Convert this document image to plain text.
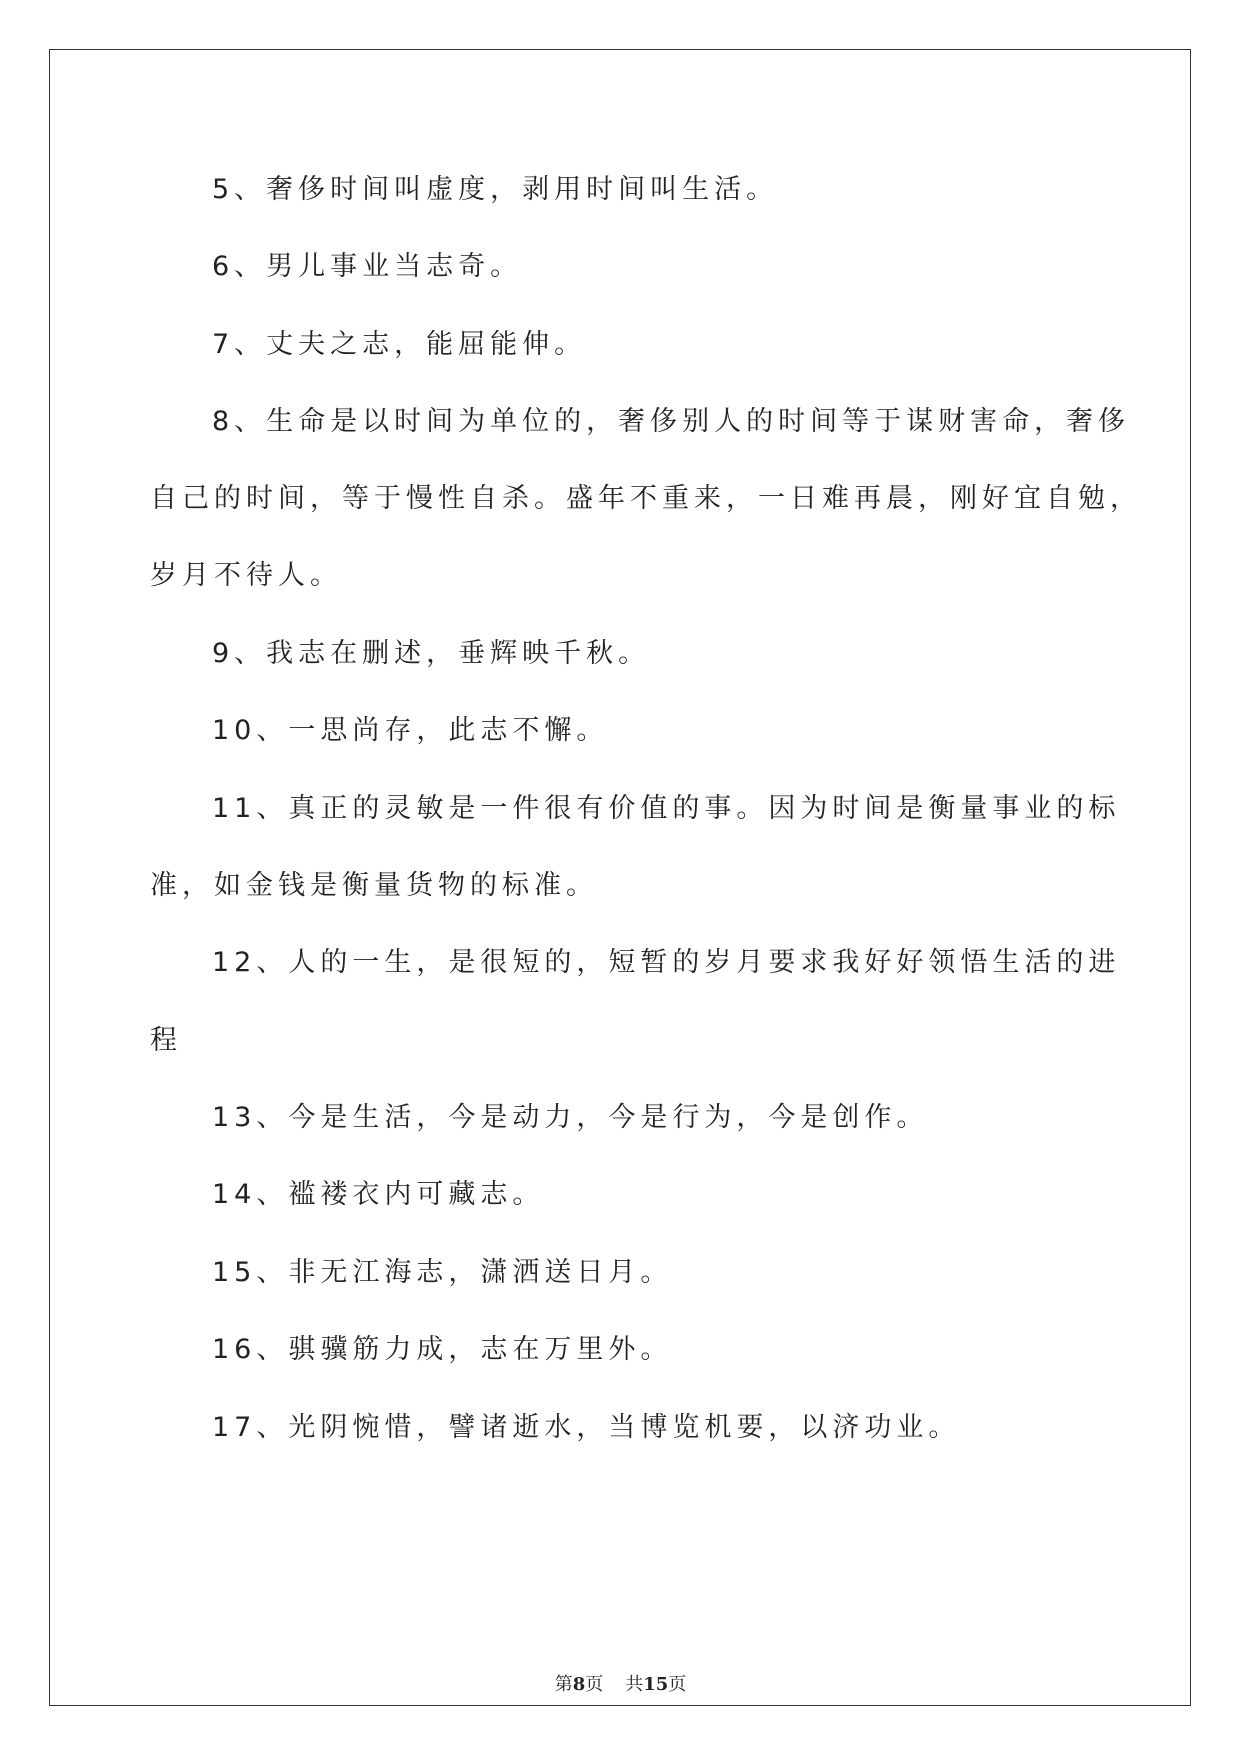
5、奢侈时间叫虚度，剥用时间叫生活。
6、男儿事业当志奇。
7、丈夫之志，能屈能伸。
8、生命是以时间为单位的，奢侈别人的时间等于谋财害命，奢侈
自己的时间，等于慢性自杀。盛年不重来，一日难再晨，刚好宜自勉，
岁月不待人。
9、我志在删述，垂辉映千秋。
10、一思尚存，此志不懈。
11、真正的灵敏是一件很有价值的事。因为时间是衡量事业的标
准，如金钱是衡量货物的标准。
12、人的一生，是很短的，短暂的岁月要求我好好领悟生活的进
程
13、今是生活，今是动力，今是行为，今是创作。
14、褴褛衣内可藏志。
15、非无江海志，潇洒送日月。
16、骐骥筋力成，志在万里外。
17、光阴惋惜，譬诸逝水，当博览机要，以济功业。
第8页 共15页
